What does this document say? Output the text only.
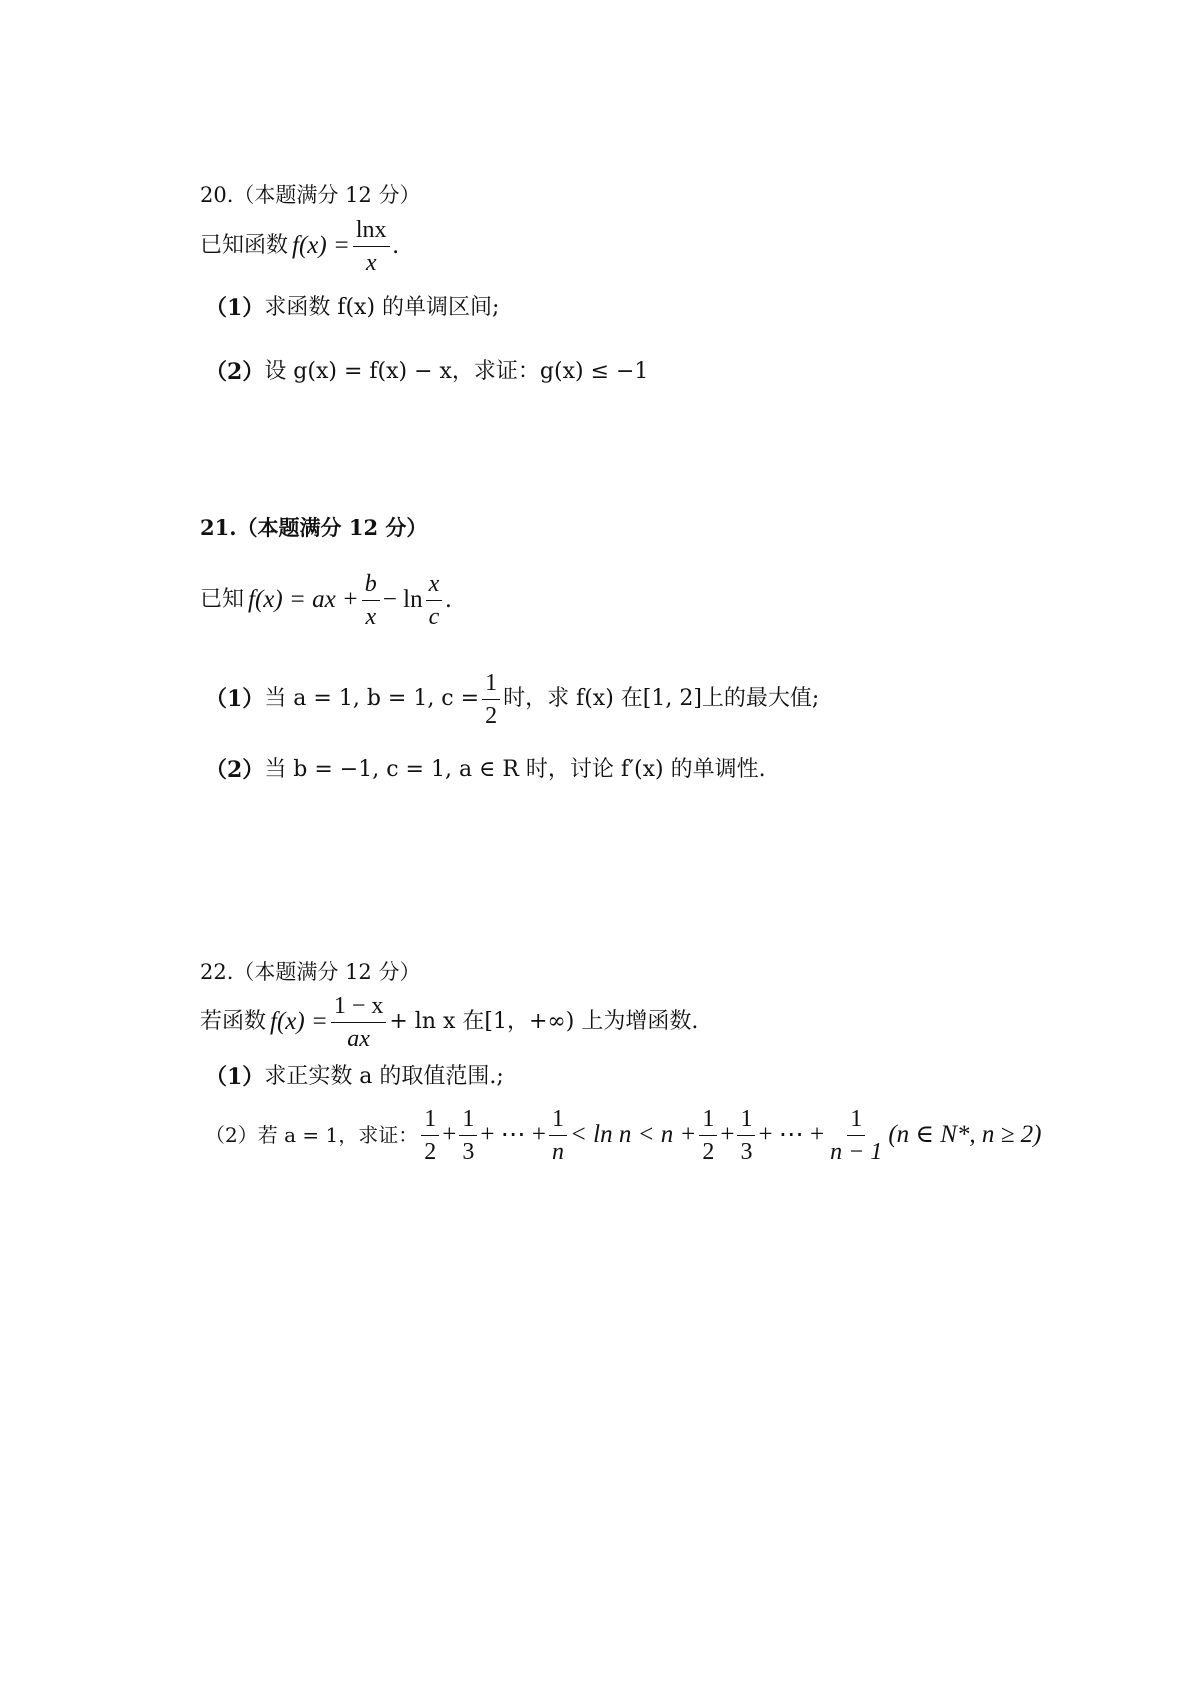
20.（本题满分 12 分）
已知函数 $f(x) = \frac{\ln x}{x}$ .
（1） 求函数 f(x) 的单调区间;
（2） 设 g(x) = f(x) − x，求证：g(x) ≤ −1
21.（本题满分 12 分）
已知 f(x) = ax + $\frac{b}{x} - \ln \frac{x}{c}$ .
（1） 当 a = 1, b = 1, $c = \frac{1}{2}$ 时，求 f(x) 在[1, 2]上的最大值;
（2） 当 b = −1, c = 1, a ∈ R 时，讨论 f′(x) 的单调性.
22.（本题满分 12 分）
若函数 $f(x) = \frac{1 - x}{ax} + \ln x$ 在[1，+∞) 上为增函数.
（1） 求正实数 a 的取值范围.;
（2） 若 a = 1，求证： $\frac{1}{2} + \frac{1}{3}$ + ⋯ + $\frac{1}{n} < \ln n < n + \frac{1}{2} + \frac{1}{3}$ + ⋯ + $\frac{1}{n - 1} (n$ ∈ N*, n ≥ 2)
